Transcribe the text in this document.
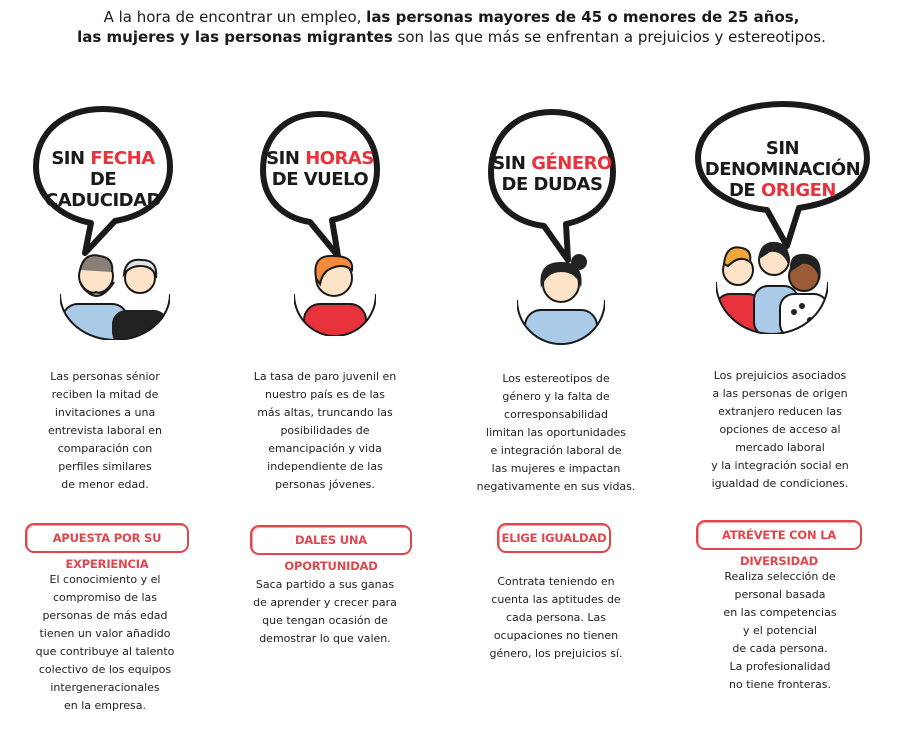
A la hora de encontrar un empleo, las personas mayores de 45 o menores de 25 años,
las mujeres y las personas migrantes son las que más se enfrentan a prejuicios y estereotipos.
SIN FECHA
DE CADUCIDAD
Las personas sénior
reciben la mitad de
invitaciones a una
entrevista laboral en
comparación con
perfiles similares
de menor edad.
APUESTA POR SU EXPERIENCIA
El conocimiento y el
compromiso de las
personas de más edad
tienen un valor añadido
que contribuye al talento
colectivo de los equipos
intergeneracionales
en la empresa.
SIN HORAS
DE VUELO
La tasa de paro juvenil en
nuestro país es de las
más altas, truncando las
posibilidades de
emancipación y vida
independiente de las
personas jóvenes.
DALES UNA OPORTUNIDAD
Saca partido a sus ganas
de aprender y crecer para
que tengan ocasión de
demostrar lo que valen.
SIN GÉNERO
DE DUDAS
Los estereotipos de
género y la falta de
corresponsabilidad
limitan las oportunidades
e integración laboral de
las mujeres e impactan
negativamente en sus vidas.
ELIGE IGUALDAD
Contrata teniendo en
cuenta las aptitudes de
cada persona. Las
ocupaciones no tienen
género, los prejuicios sí.
SIN DENOMINACIÓN
DE ORIGEN
Los prejuicios asociados
a las personas de origen
extranjero reducen las
opciones de acceso al
mercado laboral
y la integración social en
igualdad de condiciones.
ATRÉVETE CON LA DIVERSIDAD
Realiza selección de
personal basada
en las competencias
y el potencial
de cada persona.
La profesionalidad
no tiene fronteras.
